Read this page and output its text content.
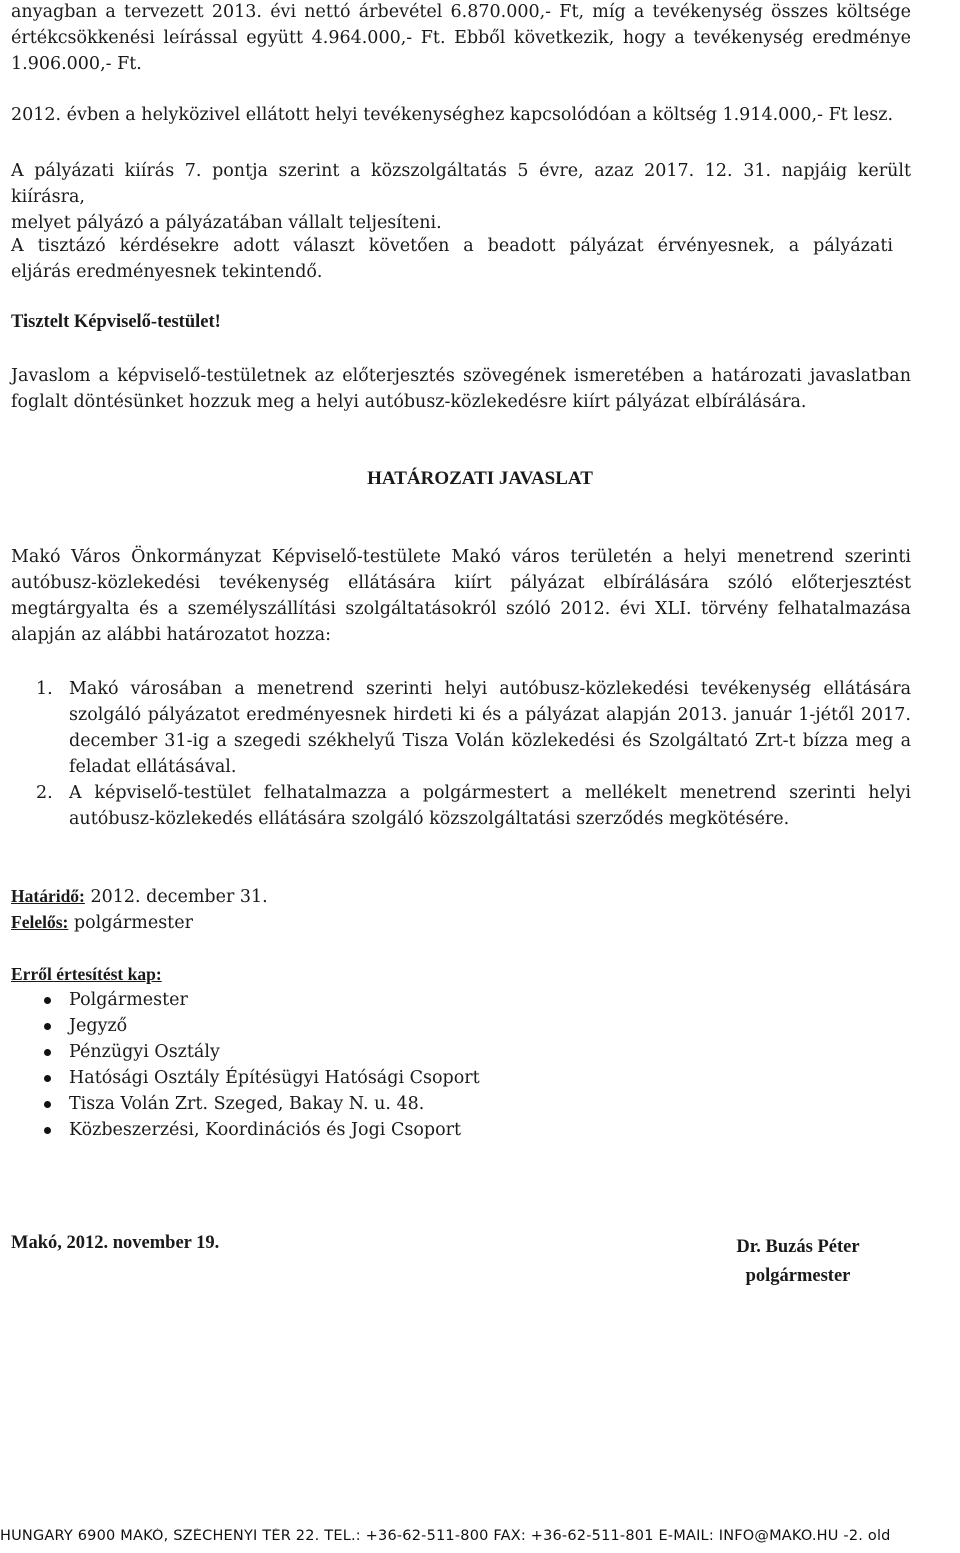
anyagban a tervezett 2013. évi nettó árbevétel 6.870.000,- Ft, míg a tevékenység összes költsége
értékcsökkenési leírással együtt 4.964.000,- Ft. Ebből következik, hogy a tevékenység eredménye
1.906.000,- Ft.
2012. évben a helyközivel ellátott helyi tevékenységhez kapcsolódóan a költség 1.914.000,- Ft lesz.
A pályázati kiírás 7. pontja szerint a közszolgáltatás 5 évre, azaz 2017. 12. 31. napjáig került kiírásra,
melyet pályázó a pályázatában vállalt teljesíteni.
A tisztázó kérdésekre adott választ követően a beadott pályázat érvényesnek, a pályázati
eljárás eredményesnek tekintendő.
Tisztelt Képviselő-testület!
Javaslom a képviselő-testületnek az előterjesztés szövegének ismeretében a határozati javaslatban
foglalt döntésünket hozzuk meg a helyi autóbusz-közlekedésre kiírt pályázat elbírálására.
HATÁROZATI JAVASLAT
Makó Város Önkormányzat Képviselő-testülete Makó város területén a helyi menetrend szerinti
autóbusz-közlekedési tevékenység ellátására kiírt pályázat elbírálására szóló előterjesztést
megtárgyalta és a személyszállítási szolgáltatásokról szóló 2012. évi XLI. törvény felhatalmazása
alapján az alábbi határozatot hozza:
1. Makó városában a menetrend szerinti helyi autóbusz-közlekedési tevékenység ellátására
szolgáló pályázatot eredményesnek hirdeti ki és a pályázat alapján 2013. január 1-jétől 2017.
december 31-ig a szegedi székhelyű Tisza Volán közlekedési és Szolgáltató Zrt-t bízza meg a
feladat ellátásával.
2. A képviselő-testület felhatalmazza a polgármestert a mellékelt menetrend szerinti helyi
autóbusz-közlekedés ellátására szolgáló közszolgáltatási szerződés megkötésére.
Határidő: 2012. december 31.
Felelős: polgármester
Erről értesítést kap:
Polgármester
Jegyző
Pénzügyi Osztály
Hatósági Osztály Építésügyi Hatósági Csoport
Tisza Volán Zrt. Szeged, Bakay N. u. 48.
Közbeszerzési, Koordinációs és Jogi Csoport
Makó, 2012. november 19.	Dr. Buzás Péter
polgármester
HUNGARY 6900 MAKÓ, SZÉCHENYI TÉR 22. TEL.: +36-62-511-800 FAX: +36-62-511-801 E-MAIL: INFO@MAKO.HU -2. old
